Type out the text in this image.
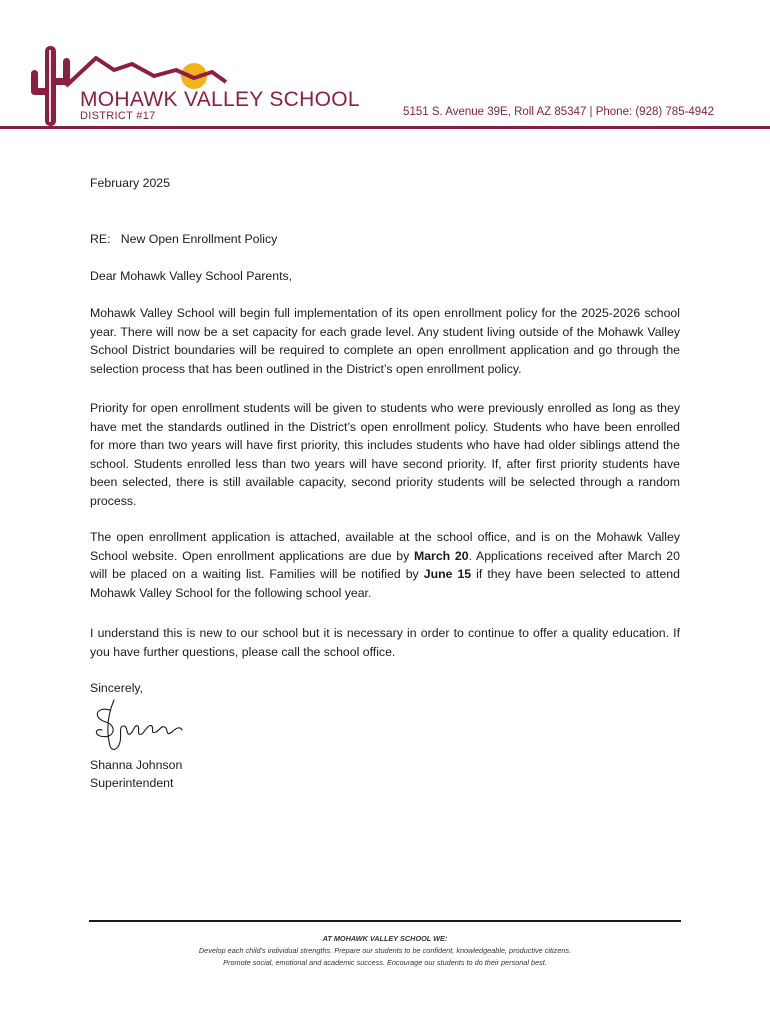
MOHAWK VALLEY SCHOOL
DISTRICT #17	5151 S. Avenue 39E, Roll AZ 85347 | Phone: (928) 785-4942
February 2025
RE: New Open Enrollment Policy
Dear Mohawk Valley School Parents,

Mohawk Valley School will begin full implementation of its open enrollment policy for the 2025-2026 school year. There will now be a set capacity for each grade level. Any student living outside of the Mohawk Valley School District boundaries will be required to complete an open enrollment application and go through the selection process that has been outlined in the District’s open enrollment policy.

Priority for open enrollment students will be given to students who were previously enrolled as long as they have met the standards outlined in the District’s open enrollment policy. Students who have been enrolled for more than two years will have first priority, this includes students who have had older siblings attend the school. Students enrolled less than two years will have second priority. If, after first priority students have been selected, there is still available capacity, second priority students will be selected through a random process.

The open enrollment application is attached, available at the school office, and is on the Mohawk Valley School website. Open enrollment applications are due by March 20. Applications received after March 20 will be placed on a waiting list. Families will be notified by June 15 if they have been selected to attend Mohawk Valley School for the following school year.

I understand this is new to our school but it is necessary in order to continue to offer a quality education. If you have further questions, please call the school office.

Sincerely,
Shanna Johnson
Superintendent
AT MOHAWK VALLEY SCHOOL WE:
Develop each child’s individual strengths. Prepare our students to be confident, knowledgeable, productive citizens.
Promote social, emotional and academic success. Encourage our students to do their personal best.
